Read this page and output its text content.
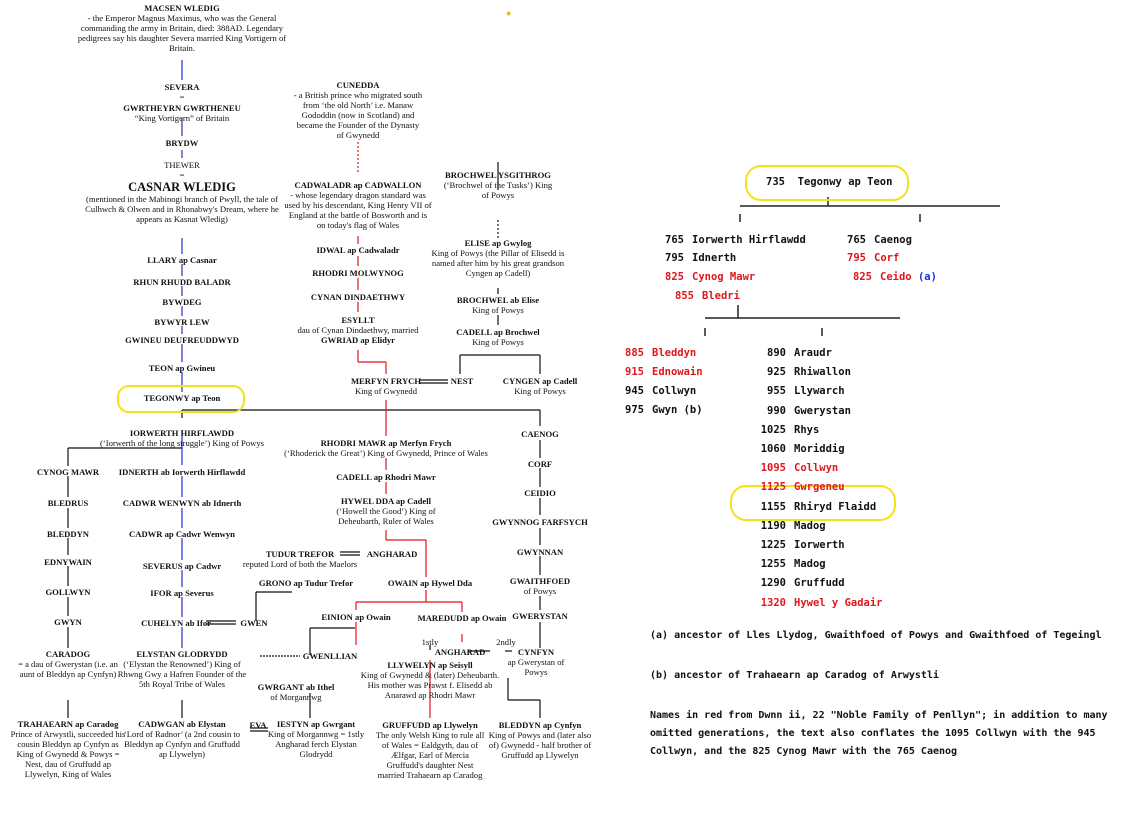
●
MACSEN WLEDIG
- the Emperor Magnus Maximus, who was the General commanding the army in Britain, died: 388AD. Legendary pedigrees say his daughter Severa married King Vortigern of Britain.
SEVERA
=
GWRTHEYRN GWRTHENEU
“King Vortigern” of Britain
BRYDW
THEWER
=
CASNAR WLEDIG
(mentioned in the Mabinogi branch of Pwyll, the tale of Culhwch & Olwen and in Rhonabwy's Dream, where he appears as Kasnat Wledig)
LLARY ap Casnar
RHUN RHUDD BALADR
BYWDEG
BYWYR LEW
GWINEU DEUFREUDDWYD
TEON ap Gwineu
TEGONWY ap Teon
IORWERTH HIRFLAWDD
(‘Iorwerth of the long struggle’) King of Powys
CYNOG MAWR IDNERTH ab Iorwerth Hirflawdd
BLEDRUS	CADWR WENWYN ab Idnerth
BLEDDYN	CADWR ap Cadwr Wenwyn
EDNYWAIN	SEVERUS ap Cadwr
GOLLWYN	IFOR ap Severus
GWYN	CUHELYN ab Ifor	GWEN
CARADOG
= a dau of Gwerystan (i.e. an aunt of Bleddyn ap Cynfyn)
ELYSTAN GLODRYDD
(‘Elystan the Renowned’) King of Rhwng Gwy a Hafren Founder of the 5th Royal Tribe of Wales
GWENLLIAN
GWRGANT ab Ithel
of Morgannwg
TRAHAEARN ap Caradog
Prince of Arwystli, succeeded his cousin Bleddyn ap Cynfyn as King of Gwynedd & Powys = Nest, dau of Gruffudd ap Llywelyn, King of Wales
CADWGAN ab Elystan
‘Lord of Radnor’ (a 2nd cousin to Bleddyn ap Cynfyn and Gruffudd ap Llywelyn)
EVA	IESTYN ap Gwrgant
King of Morgannwg = 1stly Angharad ferch Elystan Glodrydd
CUNEDDA
- a British prince who migrated south from ‘the old North’ i.e. Manaw Gododdin (now in Scotland) and became the Founder of the Dynasty of Gwynedd
CADWALADR ap CADWALLON
- whose legendary dragon standard was used by his descendant, King Henry VII of England at the battle of Bosworth and is on today's flag of Wales
IDWAL ap Cadwaladr
RHODRI MOLWYNOG
CYNAN DINDAETHWY
ESYLLT
dau of Cynan Dindaethwy, married
GWRIAD ap Elidyr
MERFYN FRYCH
King of Gwynedd
NEST
BROCHWEL YSGITHROG
(‘Brochwel of the Tusks’) King of Powys
ELISE ap Gwylog
King of Powys (the Pillar of Elisedd is named after him by his great grandson Cyngen ap Cadell)
BROCHWEL ab Elise
King of Powys
CADELL ap Brochwel
King of Powys
CYNGEN ap Cadell
King of Powys
RHODRI MAWR ap Merfyn Frych
(‘Rhoderick the Great’) King of Gwynedd, Prince of Wales
CADELL ap Rhodri Mawr
HYWEL DDA ap Cadell
(‘Howell the Good’) King of Deheubarth, Ruler of Wales
TUDUR TREFOR
reputed Lord of both the Maelors
ANGHARAD
GRONO ap Tudur Trefor	OWAIN ap Hywel Dda
EINION ap Owain	MAREDUDD ap Owain
1stly	2ndly
ANGHARAD	CYNFYN
ap Gwerystan of Powys
LLYWELYN ap Seisyll
King of Gwynedd & (later) Deheubarth. His mother was Prawst f. Elisedd ab Anarawd ap Rhodri Mawr
GRUFFUDD ap Llywelyn
The only Welsh King to rule all of Wales = Ealdgyth, dau of Ælfgar, Earl of Mercia Gruffudd's daughter Nest married Trahaearn ap Caradog
BLEDDYN ap Cynfyn
King of Powys and (later also of) Gwynedd - half brother of Gruffudd ap Llywelyn
CAENOG
CORF
CEIDIO
GWYNNOG FARFSYCH
GWYNNAN
GWAITHFOED
of Powys
GWERYSTAN
735 Tegonwy ap Teon
765 Iorwerth Hirflawdd
795 Idnerth
825 Cynog Mawr
855 Bledri
765 Caenog
795 Corf
825 Ceido (a)
885 Bleddyn
915 Ednowain
945 Collwyn
975 Gwyn (b)
(a) ancestor of Lles Llydog, Gwaithfoed of Powys and Gwaithfoed of Tegeingl
(b) ancestor of Trahaearn ap Caradog of Arwystli
Names in red from Dwnn ii, 22 "Noble Family of Penllyn"; in addition to many
omitted generations, the text also conflates the 1095 Collwyn with the 945
Collwyn, and the 825 Cynog Mawr with the 765 Caenog
890 Araudr
925 Rhiwallon
955 Llywarch
990 Gwerystan
1025 Rhys
1060 Moriddig
1095 Collwyn
1125 Gwrgeneu
1155 Rhiryd Flaidd
1190 Madog
1225 Iorwerth
1255 Madog
1290 Gruffudd
1320 Hywel y Gadair
